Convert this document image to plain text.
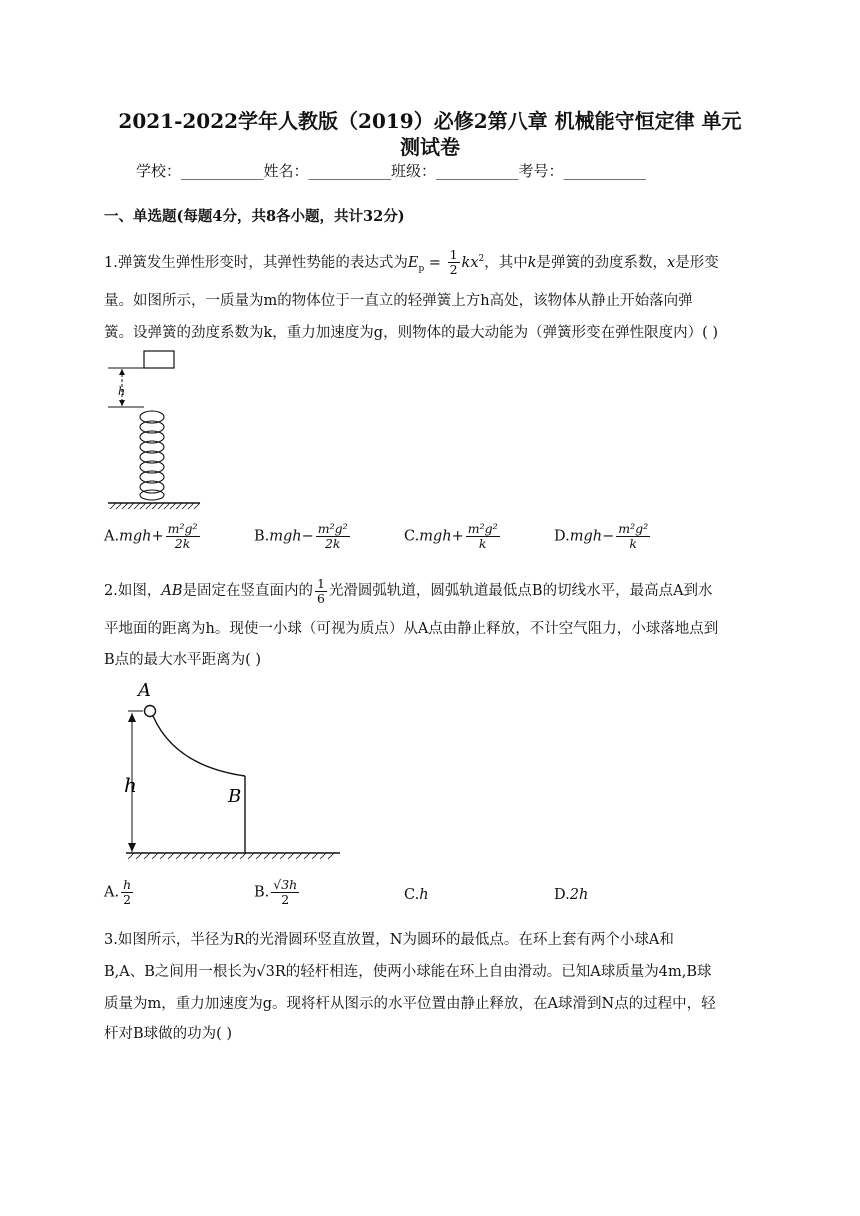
2021-2022学年人教版（2019）必修2第八章 机械能守恒定律 单元
测试卷
学校：___________姓名：___________班级：___________考号：___________
一、单选题(每题4分，共8各小题，共计32分)
1.弹簧发生弹性形变时，其弹性势能的表达式为$E_p = \frac{1}{2} kx^2$，其中k是弹簧的劲度系数，x是形变
量。如图所示，一质量为m的物体位于一直立的轻弹簧上方h高处，该物体从静止开始落向弹
簧。设弹簧的劲度系数为k，重力加速度为g，则物体的最大动能为（弹簧形变在弹性限度内）( )
h
$A.mgh+ \frac{\text{m²g²}}{2k}$	$B.mgh- \frac{\text{m²g²}}{2k}$	$C.mgh+ \frac{\text{m²g²}}{k}$	$D.mgh- \frac{\text{m²g²}}{k}$
2.如图，AB是固定在竖直面内的 $\frac{1}{6}$ 光滑圆弧轨道，圆弧轨道最低点B的切线水平，最高点A到水
平地面的距离为h。现使一小球（可视为质点）从A点由静止释放，不计空气阻力，小球落地点到
B点的最大水平距离为( )
A
h	B
A. $\frac{h}{2}$	B. $\frac{√3h}{2}$	C.h	D.2h
3.如图所示，半径为R的光滑圆环竖直放置，N为圆环的最低点。在环上套有两个小球A和
B,A、B之间用一根长为√3R的轻杆相连，使两小球能在环上自由滑动。已知A球质量为4m,B球
质量为m，重力加速度为g。现将杆从图示的水平位置由静止释放，在A球滑到N点的过程中，轻
杆对B球做的功为( )
